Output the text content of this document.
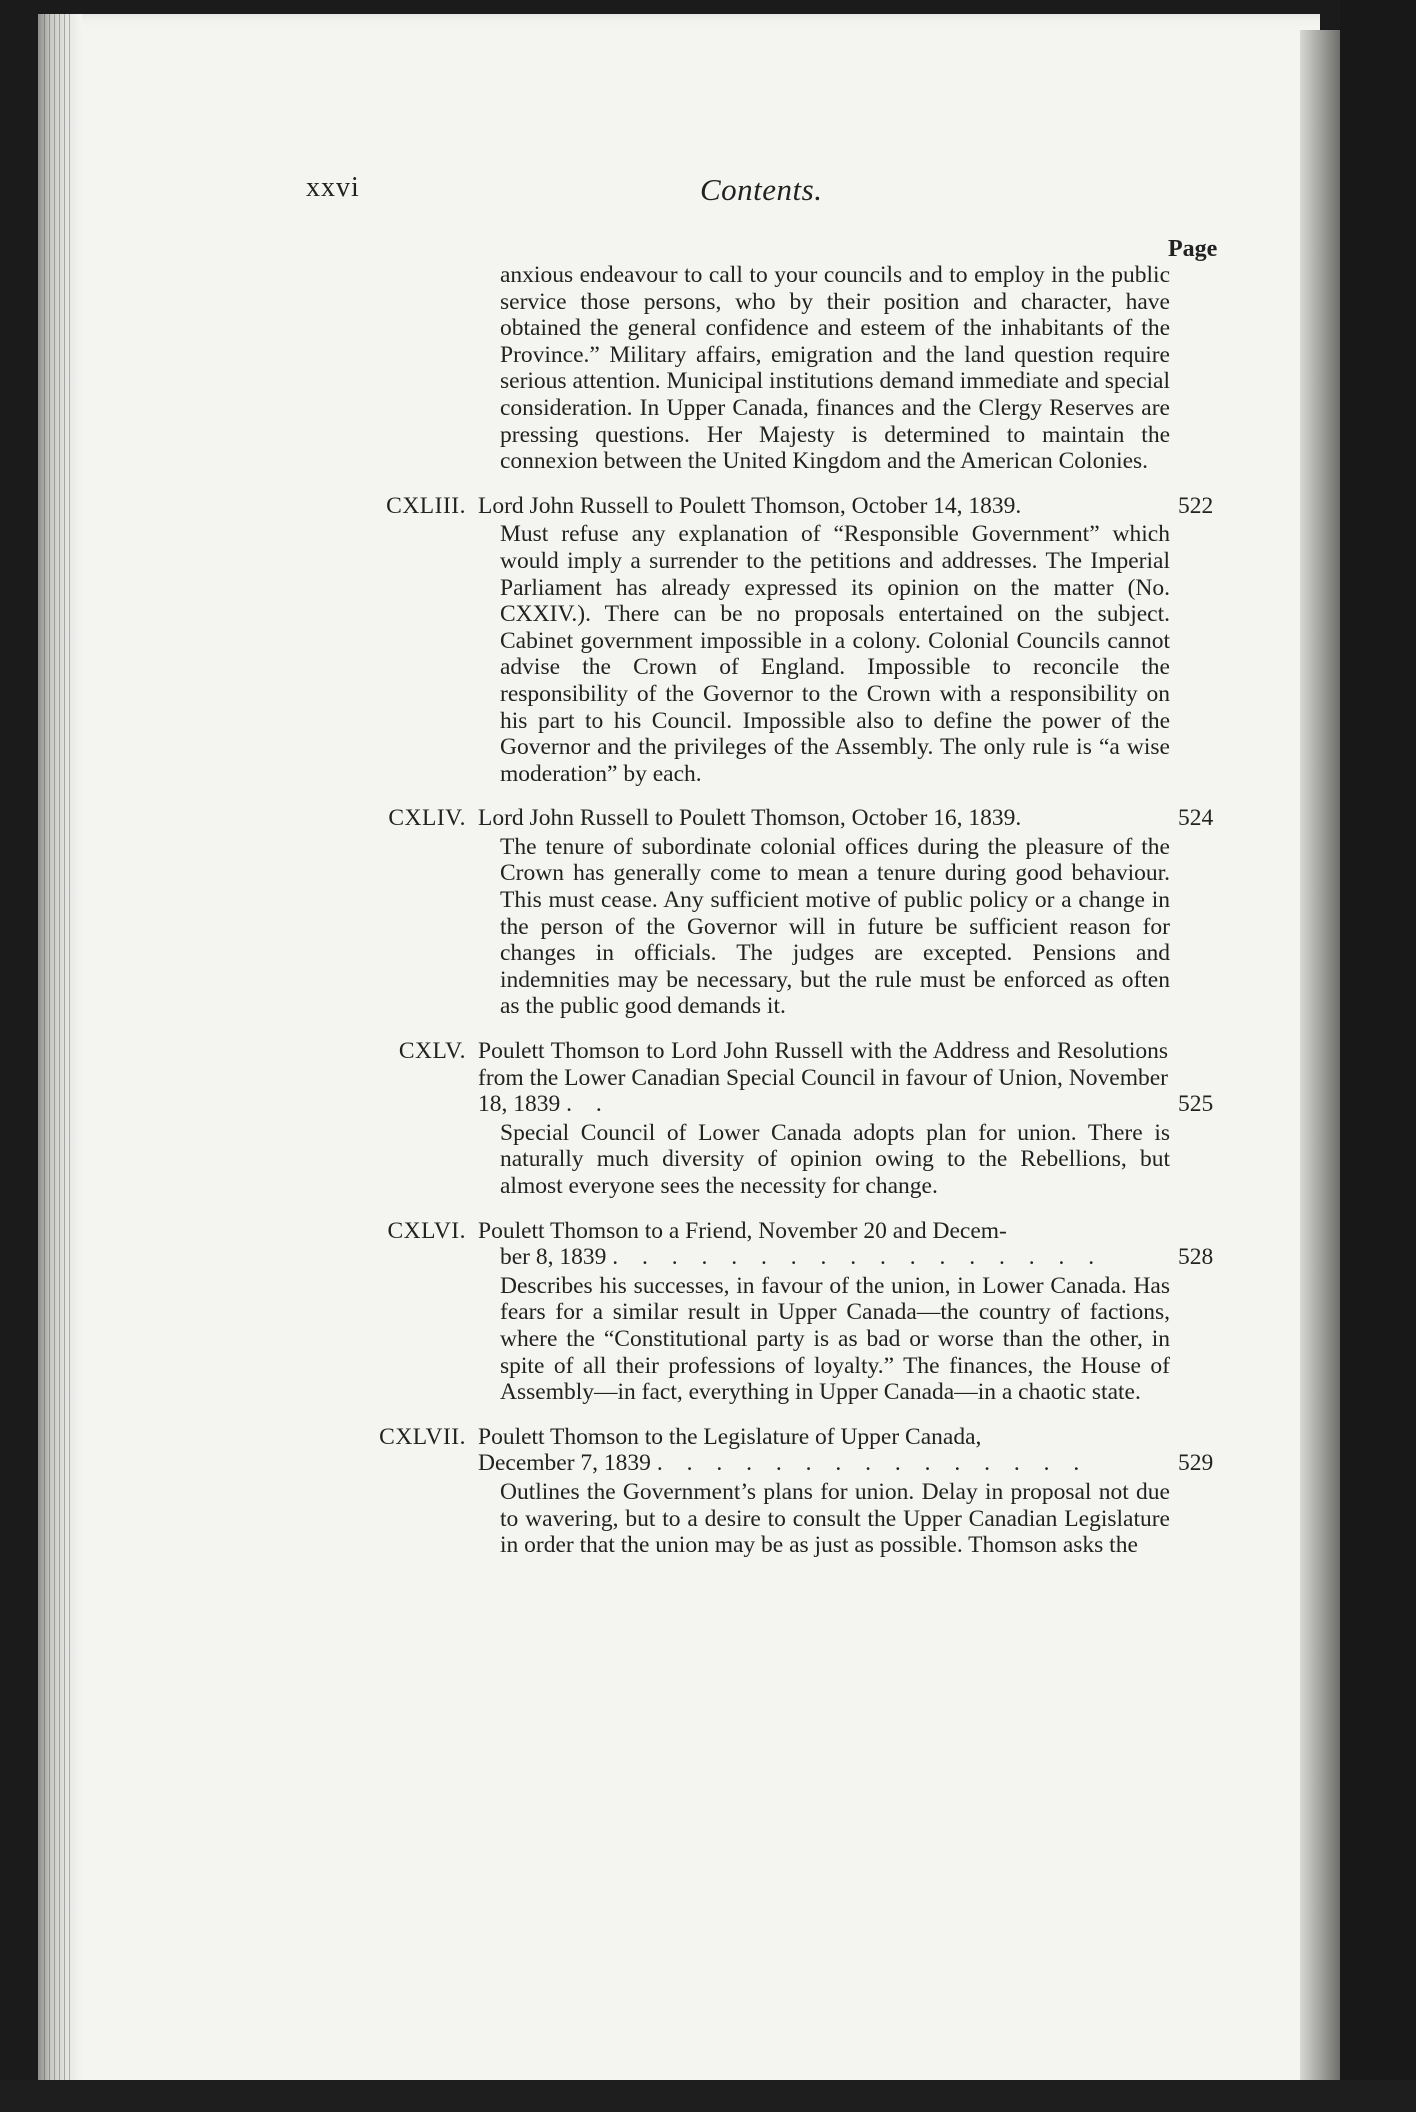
xxvi	Contents.
Page
anxious endeavour to call to your councils and to employ in the public service those persons, who by their position and character, have obtained the general confidence and esteem of the inhabitants of the Province.” Military affairs, emigration and the land question require serious attention. Municipal institutions demand immediate and special consideration. In Upper Canada, finances and the Clergy Reserves are pressing questions. Her Majesty is determined to maintain the connexion between the United Kingdom and the American Colonies.
CXLIII. Lord John Russell to Poulett Thomson, October 14, 1839.	522
Must refuse any explanation of “Responsible Government” which would imply a surrender to the petitions and addresses. The Imperial Parliament has already expressed its opinion on the matter (No. CXXIV.). There can be no proposals entertained on the subject. Cabinet government impossible in a colony. Colonial Councils cannot advise the Crown of England. Impossible to reconcile the responsibility of the Governor to the Crown with a responsibility on his part to his Council. Impossible also to define the power of the Governor and the privileges of the Assembly. The only rule is “a wise moderation” by each.
CXLIV. Lord John Russell to Poulett Thomson, October 16, 1839.	524
The tenure of subordinate colonial offices during the pleasure of the Crown has generally come to mean a tenure during good behaviour. This must cease. Any sufficient motive of public policy or a change in the person of the Governor will in future be sufficient reason for changes in officials. The judges are excepted. Pensions and indemnities may be necessary, but the rule must be enforced as often as the public good demands it.
CXLV. Poulett Thomson to Lord John Russell with the Address and Resolutions from the Lower Canadian Special Council in favour of Union, November 18, 1839 . .	525
Special Council of Lower Canada adopts plan for union. There is naturally much diversity of opinion owing to the Rebellions, but almost everyone sees the necessity for change.
CXLVI. Poulett Thomson to a Friend, November 20 and Decem-
ber 8, 1839 . . . . . . . . . . . . . . . . .	528
Describes his successes, in favour of the union, in Lower Canada. Has fears for a similar result in Upper Canada—the country of factions, where the “Constitutional party is as bad or worse than the other, in spite of all their professions of loyalty.” The finances, the House of Assembly—in fact, everything in Upper Canada—in a chaotic state.
CXLVII. Poulett Thomson to the Legislature of Upper Canada,
December 7, 1839 . . . . . . . . . . . . . . .	529
Outlines the Government’s plans for union. Delay in proposal not due to wavering, but to a desire to consult the Upper Canadian Legislature in order that the union may be as just as possible. Thomson asks the
